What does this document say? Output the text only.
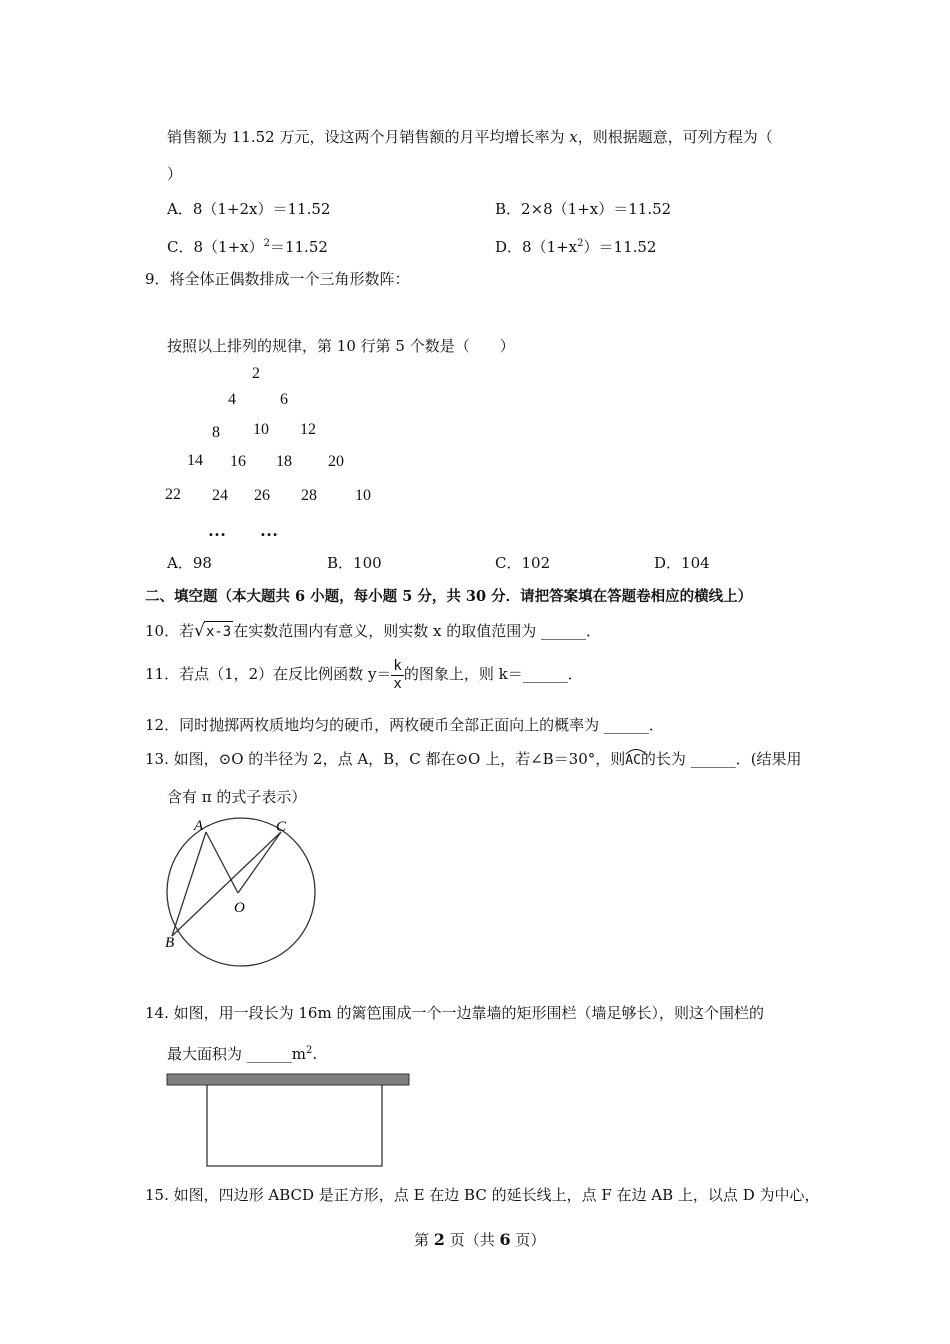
销售额为 11.52 万元，设这两个月销售额的月平均增长率为 x，则根据题意，可列方程为（
）
A．8（1+2x）＝11.52	B．2×8（1+x）＝11.52
C．$8(1+x)^2=11.52$	D．$8(1+x^2)=11.52$
9．将全体正偶数排成一个三角形数阵：
按照以上排列的规律，第 10 行第 5 个数是（　　）
2
4	6
8 10 12
14 16 18 20
22 24 26 28 10
… …
A．98	B．100	C．102	D．104
二、填空题（本大题共 6 小题，每小题 5 分，共 30 分．请把答案填在答题卷相应的横线上）
10．若√x-3 在实数范围内有意义，则实数 x 的取值范围为 ______．
11．若点（1，2）在反比例函数 $y= \frac{k}{x}$ 的图象上，则 k＝______．
12．同时抛掷两枚质地均匀的硬币，两枚硬币全部正面向上的概率为 ______．
13. 如图，⊙O 的半径为 2，点 A，B，C 都在⊙O 上，若∠B＝30°，则
AC的长为 ______．(结果用
含有 π 的式子表示）
A	C
O
B
14. 如图，用一段长为 16m 的篱笆围成一个一边靠墙的矩形围栏（墙足够长），则这个围栏的
最大面积为 $\_\_\_\_\_\_m^2$.
15. 如图，四边形 ABCD 是正方形，点 E 在边 BC 的延长线上，点 F 在边 AB 上，以点 D 为中心，
第 2 页（共 6 页）
